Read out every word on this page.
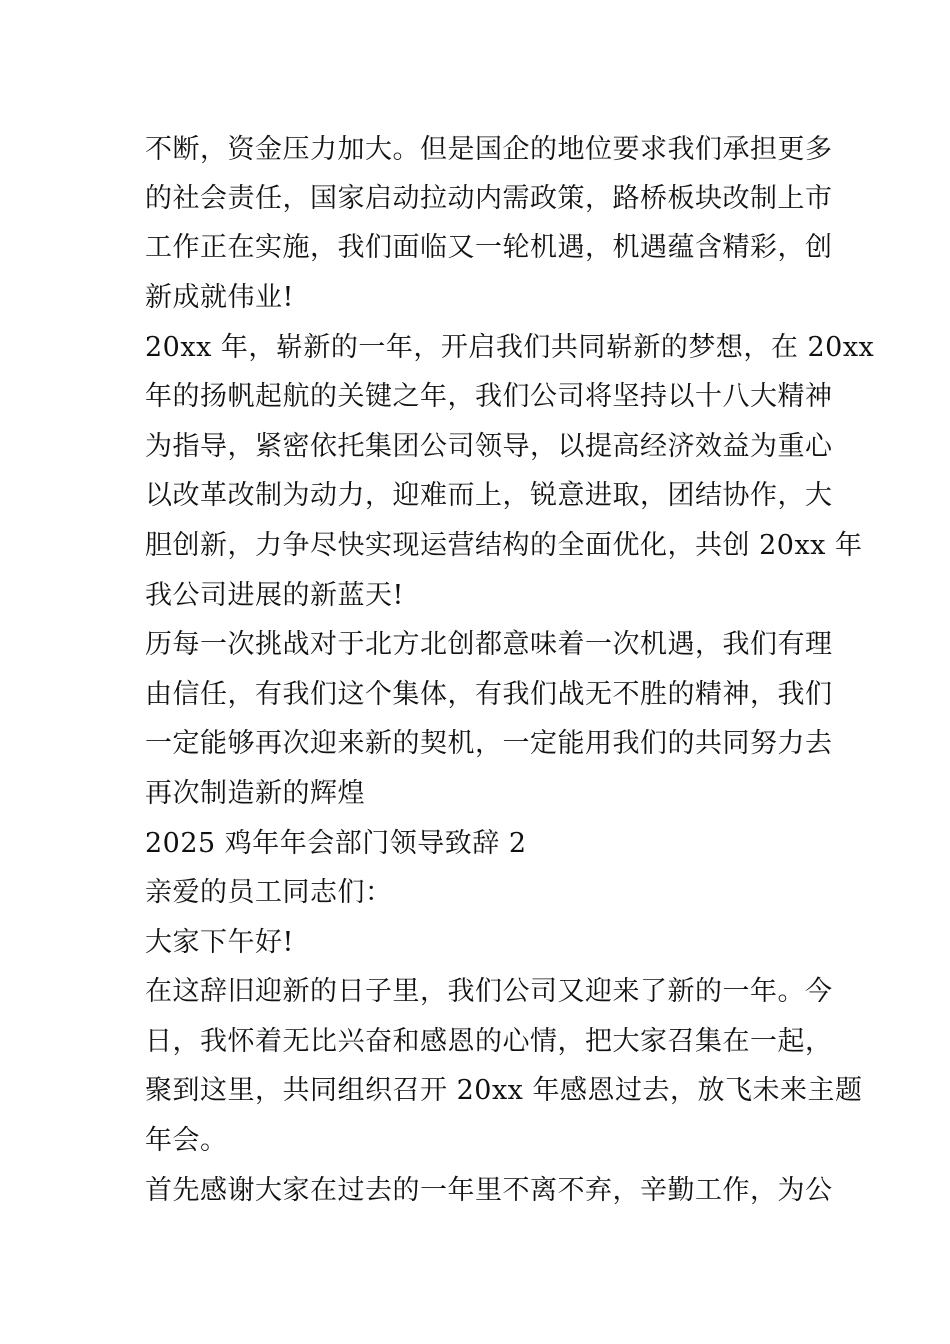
不断，资金压力加大。但是国企的地位要求我们承担更多
的社会责任，国家启动拉动内需政策，路桥板块改制上市
工作正在实施，我们面临又一轮机遇，机遇蕴含精彩，创
新成就伟业!
20xx 年，崭新的一年，开启我们共同崭新的梦想，在 20xx
年的扬帆起航的关键之年，我们公司将坚持以十八大精神
为指导，紧密依托集团公司领导，以提高经济效益为重心
以改革改制为动力，迎难而上，锐意进取，团结协作，大
胆创新，力争尽快实现运营结构的全面优化，共创 20xx 年
我公司进展的新蓝天!
历每一次挑战对于北方北创都意味着一次机遇，我们有理
由信任，有我们这个集体，有我们战无不胜的精神，我们
一定能够再次迎来新的契机，一定能用我们的共同努力去
再次制造新的辉煌
2025 鸡年年会部门领导致辞 2
亲爱的员工同志们：
大家下午好!
在这辞旧迎新的日子里，我们公司又迎来了新的一年。今
日，我怀着无比兴奋和感恩的心情，把大家召集在一起，
聚到这里，共同组织召开 20xx 年感恩过去，放飞未来主题
年会。
首先感谢大家在过去的一年里不离不弃，辛勤工作，为公
